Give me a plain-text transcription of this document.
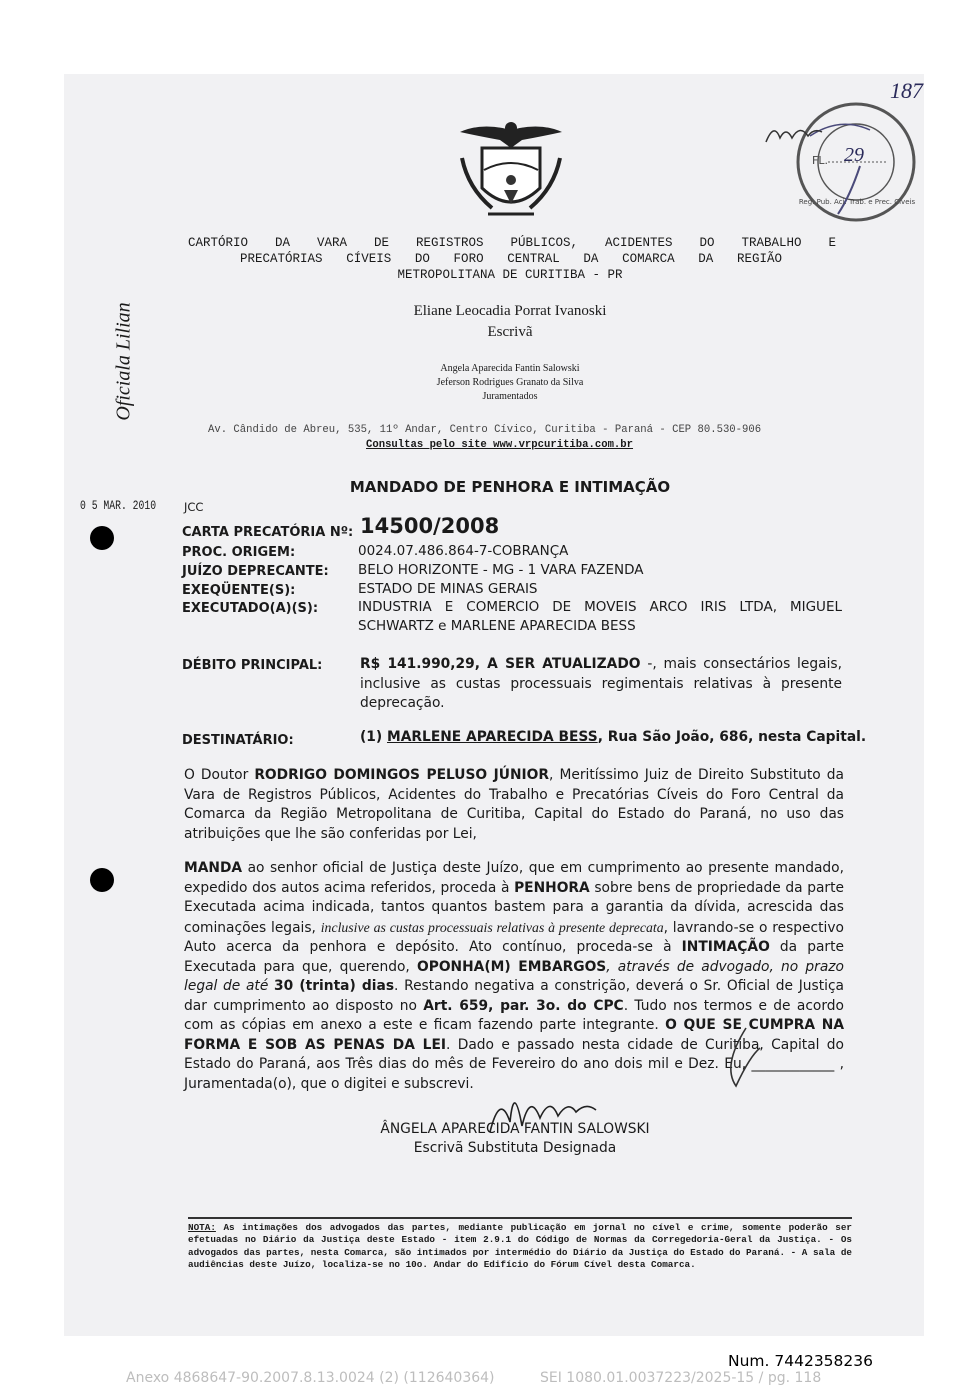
CARTÓRIO DA VARA DE REGISTROS PÚBLICOS, ACIDENTES DO TRABALHO E
PRECATÓRIAS CÍVEIS DO FORO CENTRAL DA COMARCA DA REGIÃO
METROPOLITANA DE CURITIBA - PR
Eliane Leocadia Porrat Ivanoski
Escrivã
Angela Aparecida Fantin Salowski
Jeferson Rodrigues Granato da Silva
Juramentados
Av. Cândido de Abreu, 535, 11º Andar, Centro Cívico, Curitiba - Paraná - CEP 80.530-906
Consultas pelo site www.vrpcuritiba.com.br
Oficiala Lilian
0 5 MAR. 2010
Reg. Pub. Aci. Trab. e Prec. Cíveis
FL. 29
187
MANDADO DE PENHORA E INTIMAÇÃO
JCC
CARTA PRECATÓRIA Nº: 14500/2008
PROC. ORIGEM:	0024.07.486.864-7-COBRANÇA
JUÍZO DEPRECANTE: BELO HORIZONTE - MG - 1 VARA FAZENDA
EXEQÜENTE(S):	ESTADO DE MINAS GERAIS
EXECUTADO(A)(S):	INDUSTRIA E COMERCIO DE MOVEIS ARCO IRIS LTDA, MIGUEL
SCHWARTZ e MARLENE APARECIDA BESS
DÉBITO PRINCIPAL:	R$ 141.990,29, A SER ATUALIZADO -, mais consectários legais, inclusive as custas processuais regimentais relativas à presente deprecação.
DESTINATÁRIO:	(1) MARLENE APARECIDA BESS, Rua São João, 686, nesta Capital.
O Doutor RODRIGO DOMINGOS PELUSO JÚNIOR, Meritíssimo Juiz de Direito Substituto da Vara de Registros Públicos, Acidentes do Trabalho e Precatórias Cíveis do Foro Central da Comarca da Região Metropolitana de Curitiba, Capital do Estado do Paraná, no uso das atribuições que lhe são conferidas por Lei,
MANDA ao senhor oficial de Justiça deste Juízo, que em cumprimento ao presente mandado, expedido dos autos acima referidos, proceda à PENHORA sobre bens de propriedade da parte Executada acima indicada, tantos quantos bastem para a garantia da dívida, acrescida das cominações legais, inclusive as custas processuais relativas à presente deprecata, lavrando-se o respectivo Auto acerca da penhora e depósito. Ato contínuo, proceda-se à INTIMAÇÃO da parte Executada para que, querendo, OPONHA(M) EMBARGOS, através de advogado, no prazo legal de até 30 (trinta) dias. Restando negativa a constrição, deverá o Sr. Oficial de Justiça dar cumprimento ao disposto no Art. 659, par. 3o. do CPC. Tudo nos termos e de acordo com as cópias em anexo a este e ficam fazendo parte integrante. O QUE SE CUMPRA NA FORMA E SOB AS PENAS DA LEI. Dado e passado nesta cidade de Curitiba, Capital do Estado do Paraná, aos Três dias do mês de Fevereiro do ano dois mil e Dez. Eu, ____________ , Juramentada(o), que o digitei e subscrevi.
ÂNGELA APARECIDA FANTIN SALOWSKI
Escrivã Substituta Designada
NOTA: As intimações dos advogados das partes, mediante publicação em jornal no cível e crime, somente poderão ser efetuadas no Diário da Justiça deste Estado - item 2.9.1 do Código de Normas da Corregedoria-Geral da Justiça. - Os advogados das partes, nesta Comarca, são intimados por intermédio do Diário da Justiça do Estado do Paraná. - A sala de audiências deste Juízo, localiza-se no 10o. Andar do Edifício do Fórum Cível desta Comarca.
Num. 7442358236
Anexo 4868647-90.2007.8.13.0024 (2) (112640364)	SEI 1080.01.0037223/2025-15 / pg. 118
